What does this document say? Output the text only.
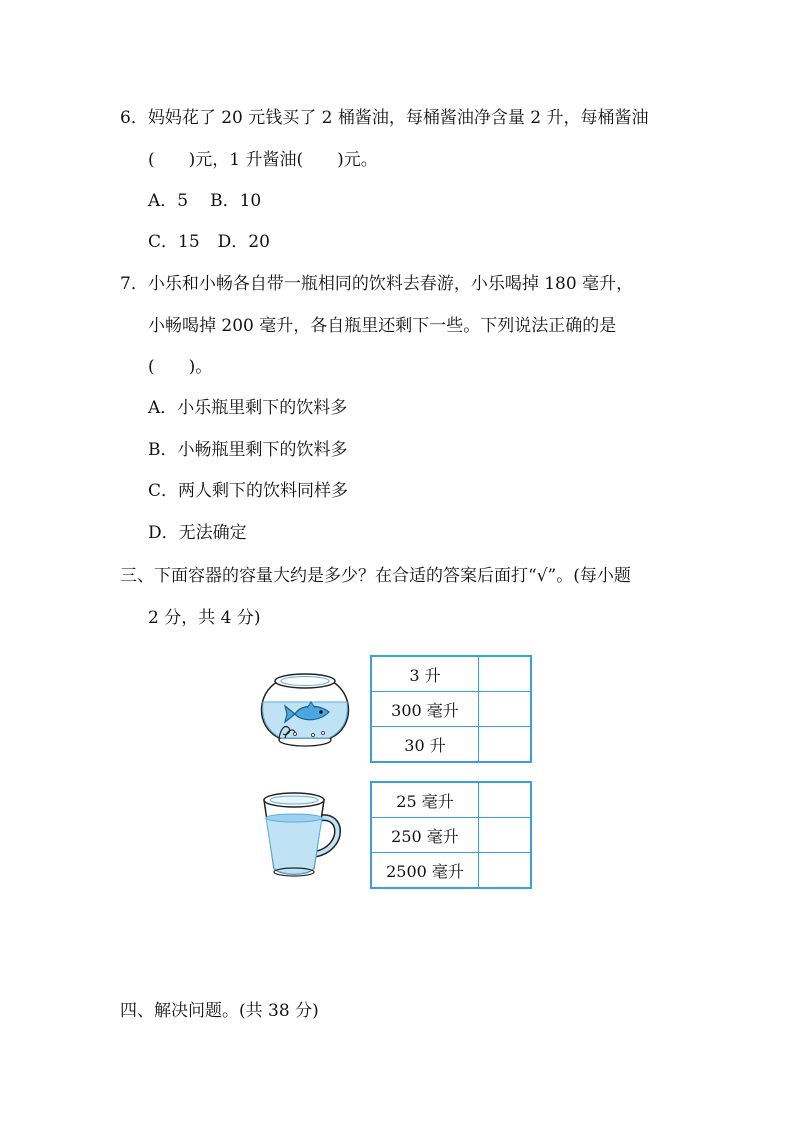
6．妈妈花了 20 元钱买了 2 桶酱油，每桶酱油净含量 2 升，每桶酱油
(　　)元，1 升酱油(　　)元。
A．5 B．10
C．15 D．20
7．小乐和小畅各自带一瓶相同的饮料去春游，小乐喝掉 180 毫升，
小畅喝掉 200 毫升，各自瓶里还剩下一些。下列说法正确的是
(　　)。
A．小乐瓶里剩下的饮料多
B．小畅瓶里剩下的饮料多
C．两人剩下的饮料同样多
D．无法确定
三、下面容器的容量大约是多少？在合适的答案后面打“√”。(每小题
2 分，共 4 分)
3 升	
300 毫升	
30 升	
25 毫升	
250 毫升	
2500 毫升	
四、解决问题。(共 38 分)
